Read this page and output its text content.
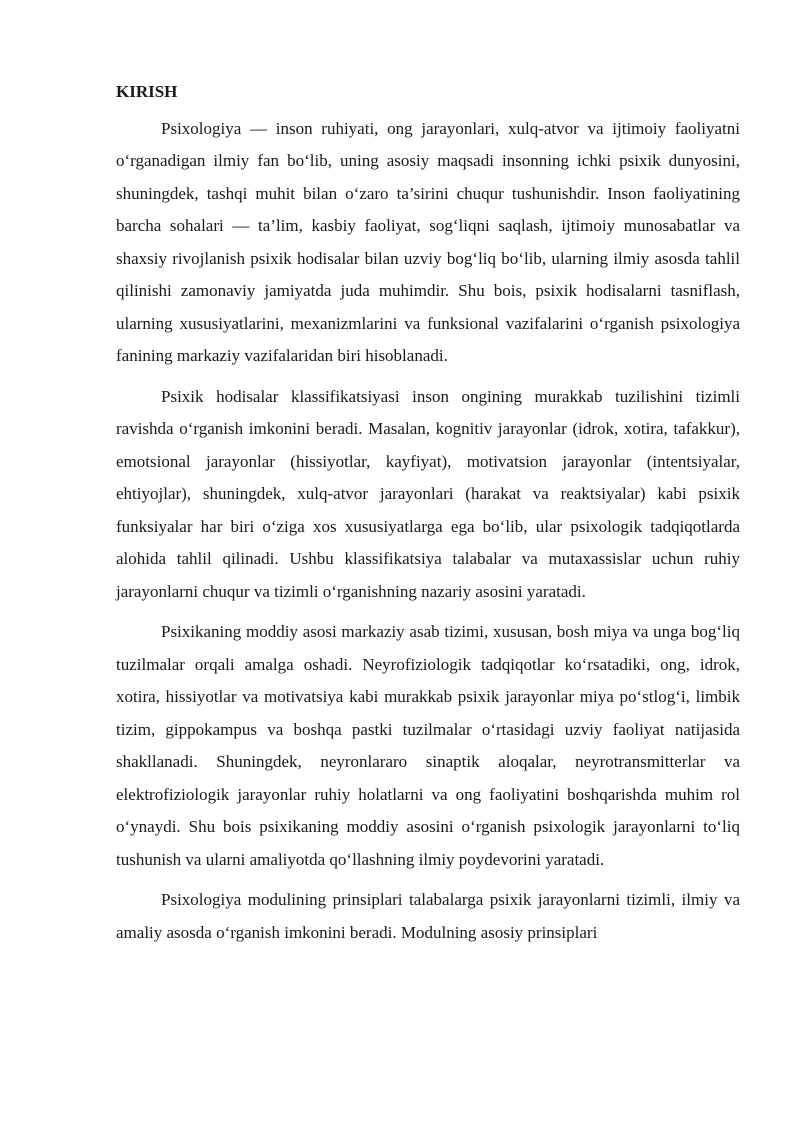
KIRISH

Psixologiya — inson ruhiyati, ong jarayonlari, xulq-atvor va ijtimoiy faoliyatni o‘rganadigan ilmiy fan bo‘lib, uning asosiy maqsadi insonning ichki psixik dunyosini, shuningdek, tashqi muhit bilan o‘zaro ta’sirini chuqur tushunishdir. Inson faoliyatining barcha sohalari — ta’lim, kasbiy faoliyat, sog‘liqni saqlash, ijtimoiy munosabatlar va shaxsiy rivojlanish psixik hodisalar bilan uzviy bog‘liq bo‘lib, ularning ilmiy asosda tahlil qilinishi zamonaviy jamiyatda juda muhimdir. Shu bois, psixik hodisalarni tasniflash, ularning xususiyatlarini, mexanizmlarini va funksional vazifalarini o‘rganish psixologiya fanining markaziy vazifalaridan biri hisoblanadi.

Psixik hodisalar klassifikatsiyasi inson ongining murakkab tuzilishini tizimli ravishda o‘rganish imkonini beradi. Masalan, kognitiv jarayonlar (idrok, xotira, tafakkur), emotsional jarayonlar (hissiyotlar, kayfiyat), motivatsion jarayonlar (intentsiyalar, ehtiyojlar), shuningdek, xulq-atvor jarayonlari (harakat va reaktsiyalar) kabi psixik funksiyalar har biri o‘ziga xos xususiyatlarga ega bo‘lib, ular psixologik tadqiqotlarda alohida tahlil qilinadi. Ushbu klassifikatsiya talabalar va mutaxassislar uchun ruhiy jarayonlarni chuqur va tizimli o‘rganishning nazariy asosini yaratadi.

Psixikaning moddiy asosi markaziy asab tizimi, xususan, bosh miya va unga bog‘liq tuzilmalar orqali amalga oshadi. Neyrofiziologik tadqiqotlar ko‘rsatadiki, ong, idrok, xotira, hissiyotlar va motivatsiya kabi murakkab psixik jarayonlar miya po‘stlog‘i, limbik tizim, gippokampus va boshqa pastki tuzilmalar o‘rtasidagi uzviy faoliyat natijasida shakllanadi. Shuningdek, neyronlararo sinaptik aloqalar, neyrotransmitterlar va elektrofiziologik jarayonlar ruhiy holatlarni va ong faoliyatini boshqarishda muhim rol o‘ynaydi. Shu bois psixikaning moddiy asosini o‘rganish psixologik jarayonlarni to‘liq tushunish va ularni amaliyotda qo‘llashning ilmiy poydevorini yaratadi.

Psixologiya modulining prinsiplari talabalarga psixik jarayonlarni tizimli, ilmiy va amaliy asosda o‘rganish imkonini beradi. Modulning asosiy prinsiplari
